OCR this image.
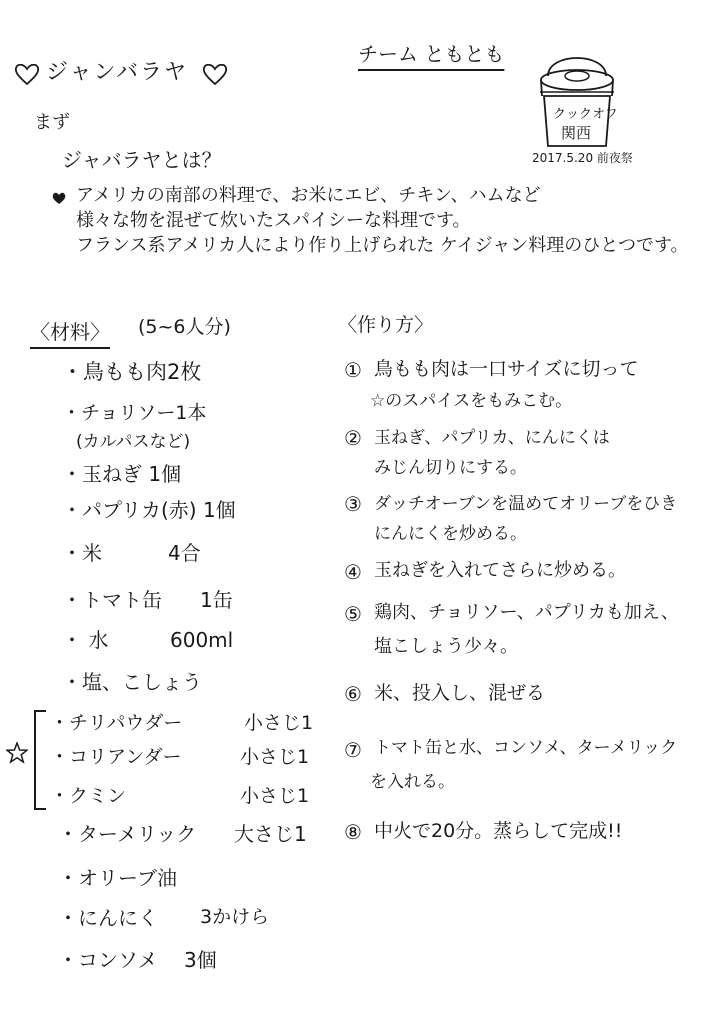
ジャンバラヤ
チーム ともとも
クックオフ
関西
2017.5.20 前夜祭
まず
ジャバラヤとは？
アメリカの南部の料理で、お米にエビ、チキン、ハムなど
様々な物を混ぜて炊いたスパイシーな料理です。
フランス系アメリカ人により作り上げられた ケイジャン料理のひとつです。
〈材料〉 (5~6人分)
・鳥もも肉2枚
・チョリソー1本
(カルパスなど)
・玉ねぎ 1個
・パプリカ(赤) 1個
・米	4合
・トマト缶 1缶
・ 水	600ml
・塩、こしょう
・チリパウダー	小さじ1
・コリアンダー	小さじ1
・クミン	小さじ1
・ターメリック 大さじ1
・オリーブ油
・にんにく 3かけら
・コンソメ 3個
〈作り方〉
① 鳥もも肉は一口サイズに切って
☆のスパイスをもみこむ。
② 玉ねぎ、パプリカ、にんにくは
みじん切りにする。
③ ダッチオーブンを温めてオリーブをひき
にんにくを炒める。
④ 玉ねぎを入れてさらに炒める。
⑤ 鶏肉、チョリソー、パプリカも加え、
塩こしょう少々。
⑥ 米、投入し、混ぜる
⑦ トマト缶と水、コンソメ、ターメリック
を入れる。
⑧ 中火で20分。蒸らして完成!!
